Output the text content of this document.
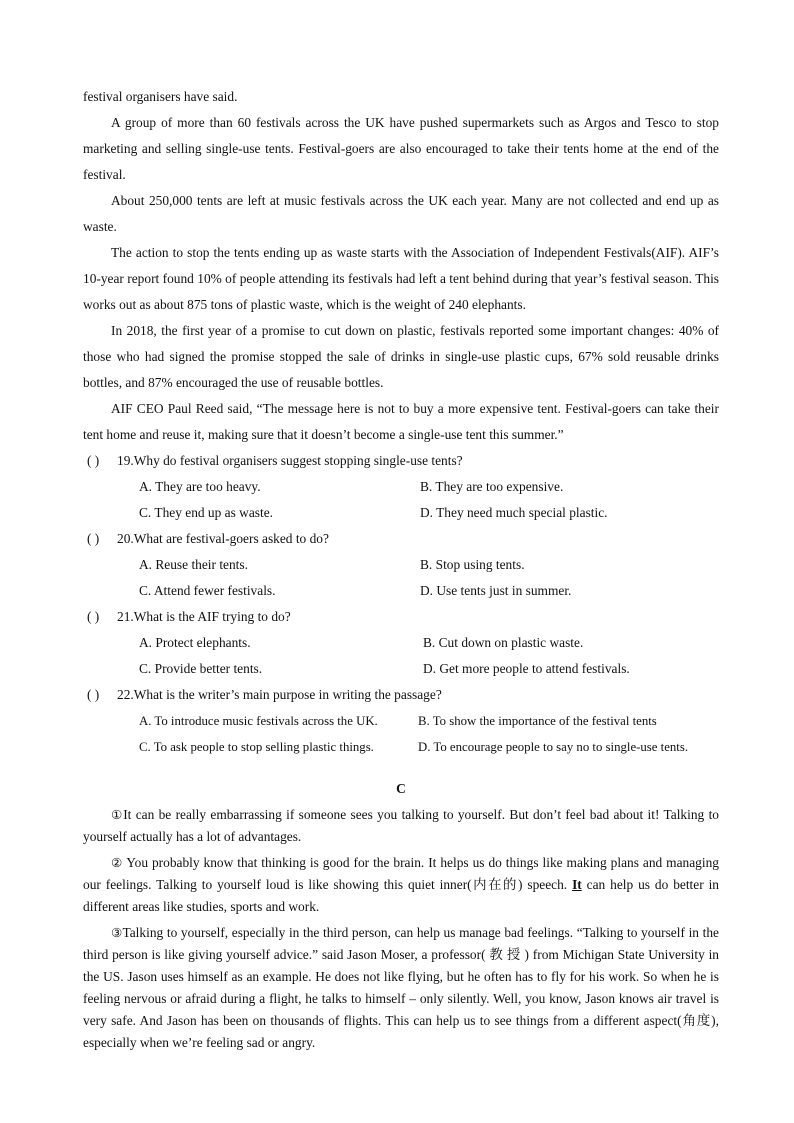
festival organisers have said.

A group of more than 60 festivals across the UK have pushed supermarkets such as Argos and Tesco to stop marketing and selling single-use tents. Festival-goers are also encouraged to take their tents home at the end of the festival.

About 250,000 tents are left at music festivals across the UK each year. Many are not collected and end up as waste.

The action to stop the tents ending up as waste starts with the Association of Independent Festivals(AIF). AIF’s 10-year report found 10% of people attending its festivals had left a tent behind during that year’s festival season. This works out as about 875 tons of plastic waste, which is the weight of 240 elephants.

In 2018, the first year of a promise to cut down on plastic, festivals reported some important changes: 40% of those who had signed the promise stopped the sale of drinks in single-use plastic cups, 67% sold reusable drinks bottles, and 87% encouraged the use of reusable bottles.

AIF CEO Paul Reed said, “The message here is not to buy a more expensive tent. Festival-goers can take their tent home and reuse it, making sure that it doesn’t become a single-use tent this summer.”

( ) 19.Why do festival organisers suggest stopping single-use tents?
A. They are too heavy.	B. They are too expensive.
C. They end up as waste.	D. They need much special plastic.
( ) 20.What are festival-goers asked to do?
A. Reuse their tents.	B. Stop using tents.
C. Attend fewer festivals.	D. Use tents just in summer.
( ) 21.What is the AIF trying to do?
A. Protect elephants.	B. Cut down on plastic waste.
C. Provide better tents.	D. Get more people to attend festivals.
( ) 22.What is the writer’s main purpose in writing the passage?
A. To introduce music festivals across the UK.	B. To show the importance of the festival tents
C. To ask people to stop selling plastic things.	D. To encourage people to say no to single-use tents.
C

①It can be really embarrassing if someone sees you talking to yourself. But don’t feel bad about it! Talking to yourself actually has a lot of advantages.

② You probably know that thinking is good for the brain. It helps us do things like making plans and managing our feelings. Talking to yourself loud is like showing this quiet inner(内在的) speech. It can help us do better in different areas like studies, sports and work.

③Talking to yourself, especially in the third person, can help us manage bad feelings. “Talking to yourself in the third person is like giving yourself advice.” said Jason Moser, a professor( 教 授 ) from Michigan State University in the US. Jason uses himself as an example. He does not like flying, but he often has to fly for his work. So when he is feeling nervous or afraid during a flight, he talks to himself – only silently. Well, you know, Jason knows air travel is very safe. And Jason has been on thousands of flights. This can help us to see things from a different aspect(角度), especially when we’re feeling sad or angry.
